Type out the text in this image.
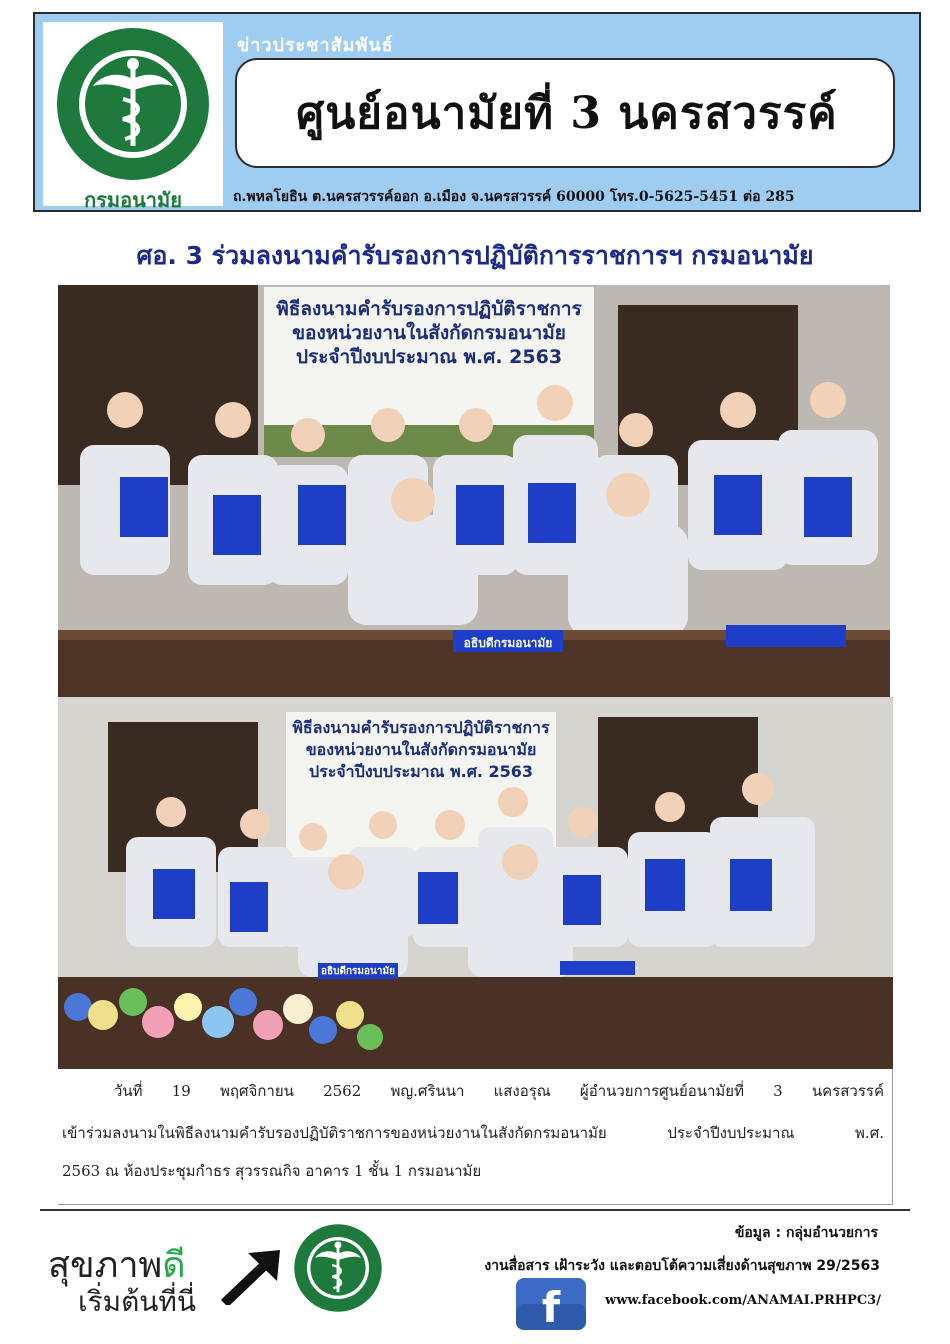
กรมอนามัย
ข่าวประชาสัมพันธ์
ศูนย์อนามัยที่ 3 นครสวรรค์
ถ.พหลโยธิน ต.นครสวรรค์ออก อ.เมือง จ.นครสวรรค์ 60000 โทร.0-5625-5451 ต่อ 285
ศอ. 3 ร่วมลงนามคำรับรองการปฏิบัติการราชการฯ กรมอนามัย
พิธีลงนามคำรับรองการปฏิบัติราชการ
ของหน่วยงานในสังกัดกรมอนามัย
ประจำปีงบประมาณ พ.ศ. 2563
อธิบดีกรมอนามัย
พิธีลงนามคำรับรองการปฏิบัติราชการ
ของหน่วยงานในสังกัดกรมอนามัย
ประจำปีงบประมาณ พ.ศ. 2563
อธิบดีกรมอนามัย
วันที่ 19 พฤศจิกายน 2562 พญ.ศรินนา แสงอรุณ ผู้อำนวยการศูนย์อนามัยที่ 3 นครสวรรค์
เข้าร่วมลงนามในพิธีลงนามคำรับรองปฏิบัติราชการของหน่วยงานในสังกัดกรมอนามัย ประจำปีงบประมาณ พ.ศ.
2563 ณ ห้องประชุมกำธร สุวรรณกิจ อาคาร 1 ชั้น 1 กรมอนามัย
สุขภาพดี
เริ่มต้นที่นี่
ข้อมูล : กลุ่มอำนวยการ
งานสื่อสาร เฝ้าระวัง และตอบโต้ความเสี่ยงด้านสุขภาพ 29/2563
f	www.facebook.com/ANAMAI.PRHPC3/
